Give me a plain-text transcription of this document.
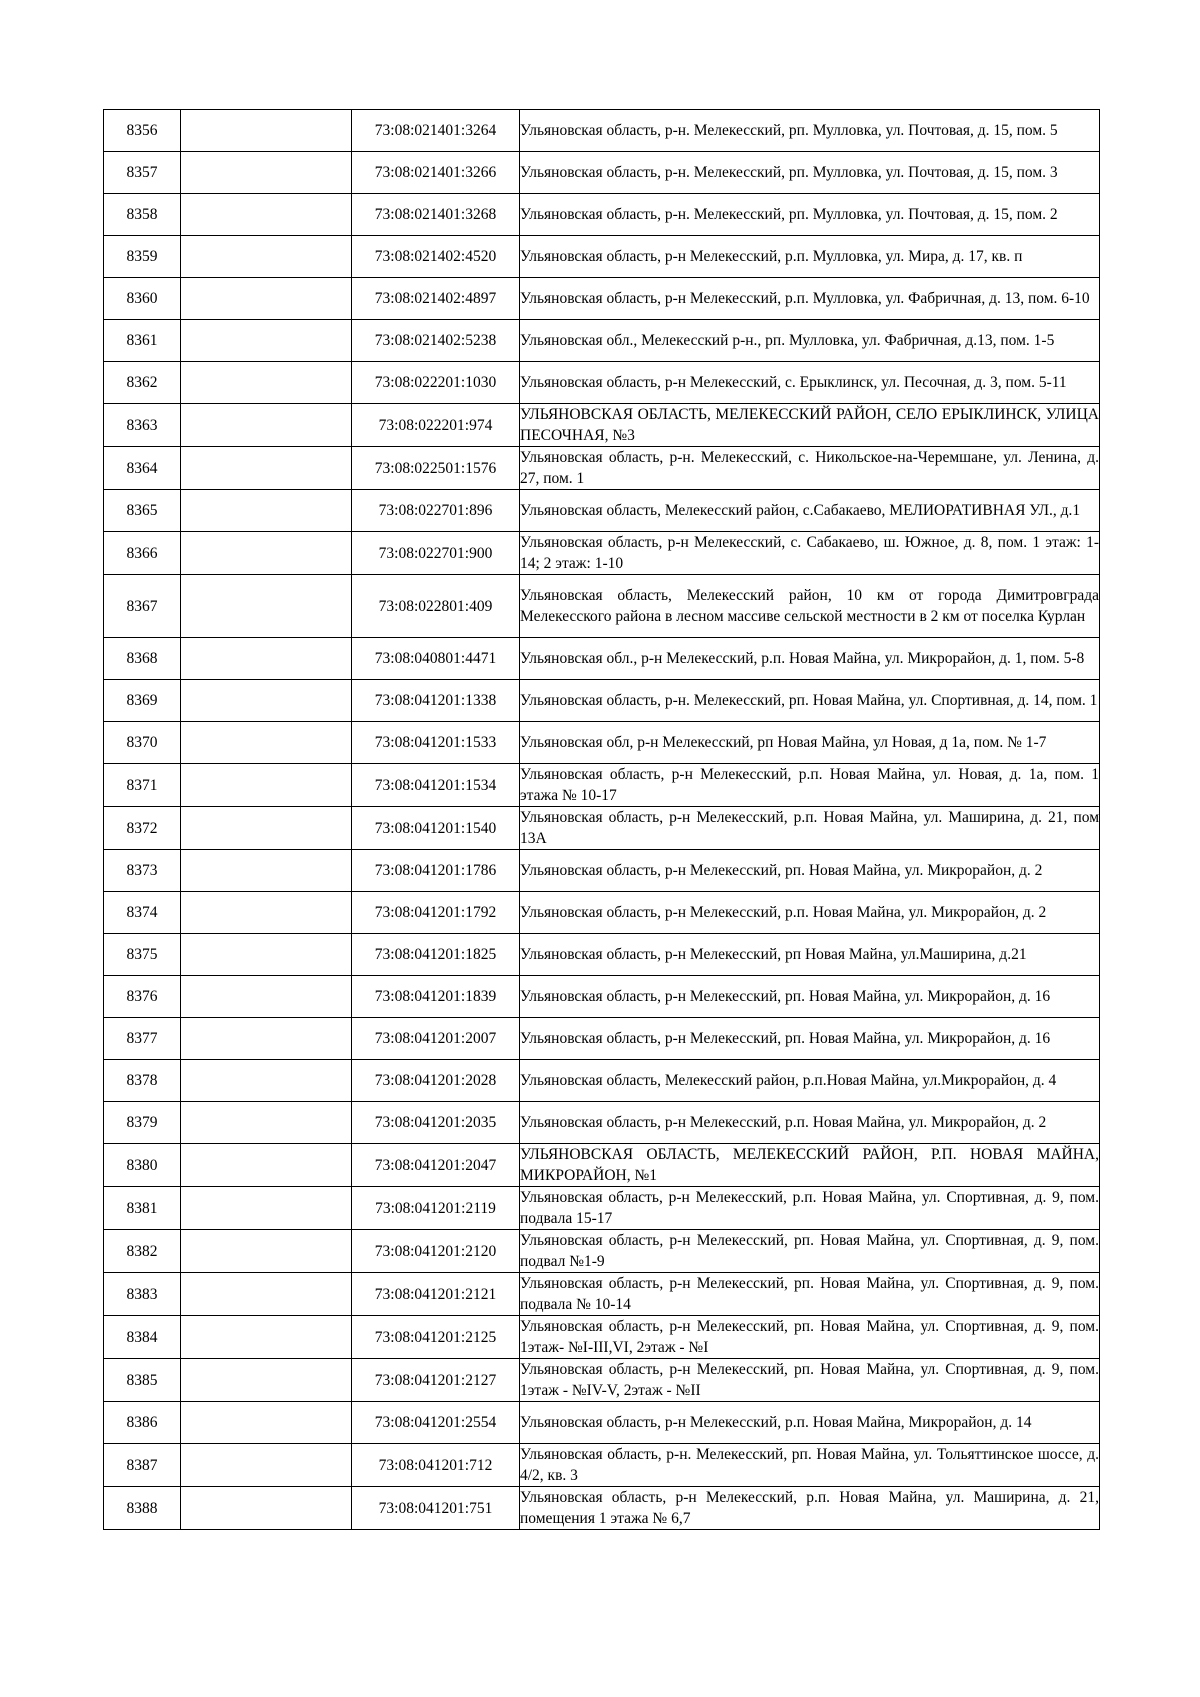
8356		73:08:021401:3264	Ульяновская область, р-н. Мелекесский, рп. Мулловка, ул. Почтовая, д. 15, пом. 5
8357		73:08:021401:3266	Ульяновская область, р-н. Мелекесский, рп. Мулловка, ул. Почтовая, д. 15, пом. 3
8358		73:08:021401:3268	Ульяновская область, р-н. Мелекесский, рп. Мулловка, ул. Почтовая, д. 15, пом. 2
8359		73:08:021402:4520	Ульяновская область, р-н Мелекесский, р.п. Мулловка, ул. Мира, д. 17, кв. п
8360		73:08:021402:4897	Ульяновская область, р-н Мелекесский, р.п. Мулловка, ул. Фабричная, д. 13, пом. 6-10
8361		73:08:021402:5238	Ульяновская обл., Мелекесский р-н., рп. Мулловка, ул. Фабричная, д.13, пом. 1-5
8362		73:08:022201:1030	Ульяновская область, р-н Мелекесский, с. Ерыклинск, ул. Песочная, д. 3, пом. 5-11
8363		73:08:022201:974	УЛЬЯНОВСКАЯ ОБЛАСТЬ, МЕЛЕКЕССКИЙ РАЙОН, СЕЛО ЕРЫКЛИНСК, УЛИЦА ПЕСОЧНАЯ, №3
8364		73:08:022501:1576	Ульяновская область, р-н. Мелекесский, с. Никольское-на-Черемшане, ул. Ленина, д. 27, пом. 1
8365		73:08:022701:896	Ульяновская область, Мелекесский район, с.Сабакаево, МЕЛИОРАТИВНАЯ УЛ., д.1
8366		73:08:022701:900	Ульяновская область, р-н Мелекесский, с. Сабакаево, ш. Южное, д. 8, пом. 1 этаж: 1-14; 2 этаж: 1-10
8367		73:08:022801:409	Ульяновская область, Мелекесский район, 10 км от города Димитровграда Мелекесского района в лесном массиве сельской местности в 2 км от поселка Курлан
8368		73:08:040801:4471	Ульяновская обл., р-н Мелекесский, р.п. Новая Майна, ул. Микрорайон, д. 1, пом. 5-8
8369		73:08:041201:1338	Ульяновская область, р-н. Мелекесский, рп. Новая Майна, ул. Спортивная, д. 14, пом. 1
8370		73:08:041201:1533	Ульяновская обл, р-н Мелекесский, рп Новая Майна, ул Новая, д 1а, пом. № 1-7
8371		73:08:041201:1534	Ульяновская область, р-н Мелекесский, р.п. Новая Майна, ул. Новая, д. 1а, пом. 1 этажа № 10-17
8372		73:08:041201:1540	Ульяновская область, р-н Мелекесский, р.п. Новая Майна, ул. Маширина, д. 21, пом 13А
8373		73:08:041201:1786	Ульяновская область, р-н Мелекесский, рп. Новая Майна, ул. Микрорайон, д. 2
8374		73:08:041201:1792	Ульяновская область, р-н Мелекесский, р.п. Новая Майна, ул. Микрорайон, д. 2
8375		73:08:041201:1825	Ульяновская область, р-н Мелекесский, рп Новая Майна, ул.Маширина, д.21
8376		73:08:041201:1839	Ульяновская область, р-н Мелекесский, рп. Новая Майна, ул. Микрорайон, д. 16
8377		73:08:041201:2007	Ульяновская область, р-н Мелекесский, рп. Новая Майна, ул. Микрорайон, д. 16
8378		73:08:041201:2028	Ульяновская область, Мелекесский район, р.п.Новая Майна, ул.Микрорайон, д. 4
8379		73:08:041201:2035	Ульяновская область, р-н Мелекесский, р.п. Новая Майна, ул. Микрорайон, д. 2
8380		73:08:041201:2047	УЛЬЯНОВСКАЯ ОБЛАСТЬ, МЕЛЕКЕССКИЙ РАЙОН, Р.П. НОВАЯ МАЙНА, МИКРОРАЙОН, №1
8381		73:08:041201:2119	Ульяновская область, р-н Мелекесский, р.п. Новая Майна, ул. Спортивная, д. 9, пом. подвала 15-17
8382		73:08:041201:2120	Ульяновская область, р-н Мелекесский, рп. Новая Майна, ул. Спортивная, д. 9, пом. подвал №1-9
8383		73:08:041201:2121	Ульяновская область, р-н Мелекесский, рп. Новая Майна, ул. Спортивная, д. 9, пом. подвала № 10-14
8384		73:08:041201:2125	Ульяновская область, р-н Мелекесский, рп. Новая Майна, ул. Спортивная, д. 9, пом. 1этаж- №I-III,VI, 2этаж - №I
8385		73:08:041201:2127	Ульяновская область, р-н Мелекесский, рп. Новая Майна, ул. Спортивная, д. 9, пом. 1этаж - №IV-V, 2этаж - №II
8386		73:08:041201:2554	Ульяновская область, р-н Мелекесский, р.п. Новая Майна, Микрорайон, д. 14
8387		73:08:041201:712	Ульяновская область, р-н. Мелекесский, рп. Новая Майна, ул. Тольяттинское шоссе, д. 4/2, кв. 3
8388		73:08:041201:751	Ульяновская область, р-н Мелекесский, р.п. Новая Майна, ул. Маширина, д. 21, помещения 1 этажа № 6,7
